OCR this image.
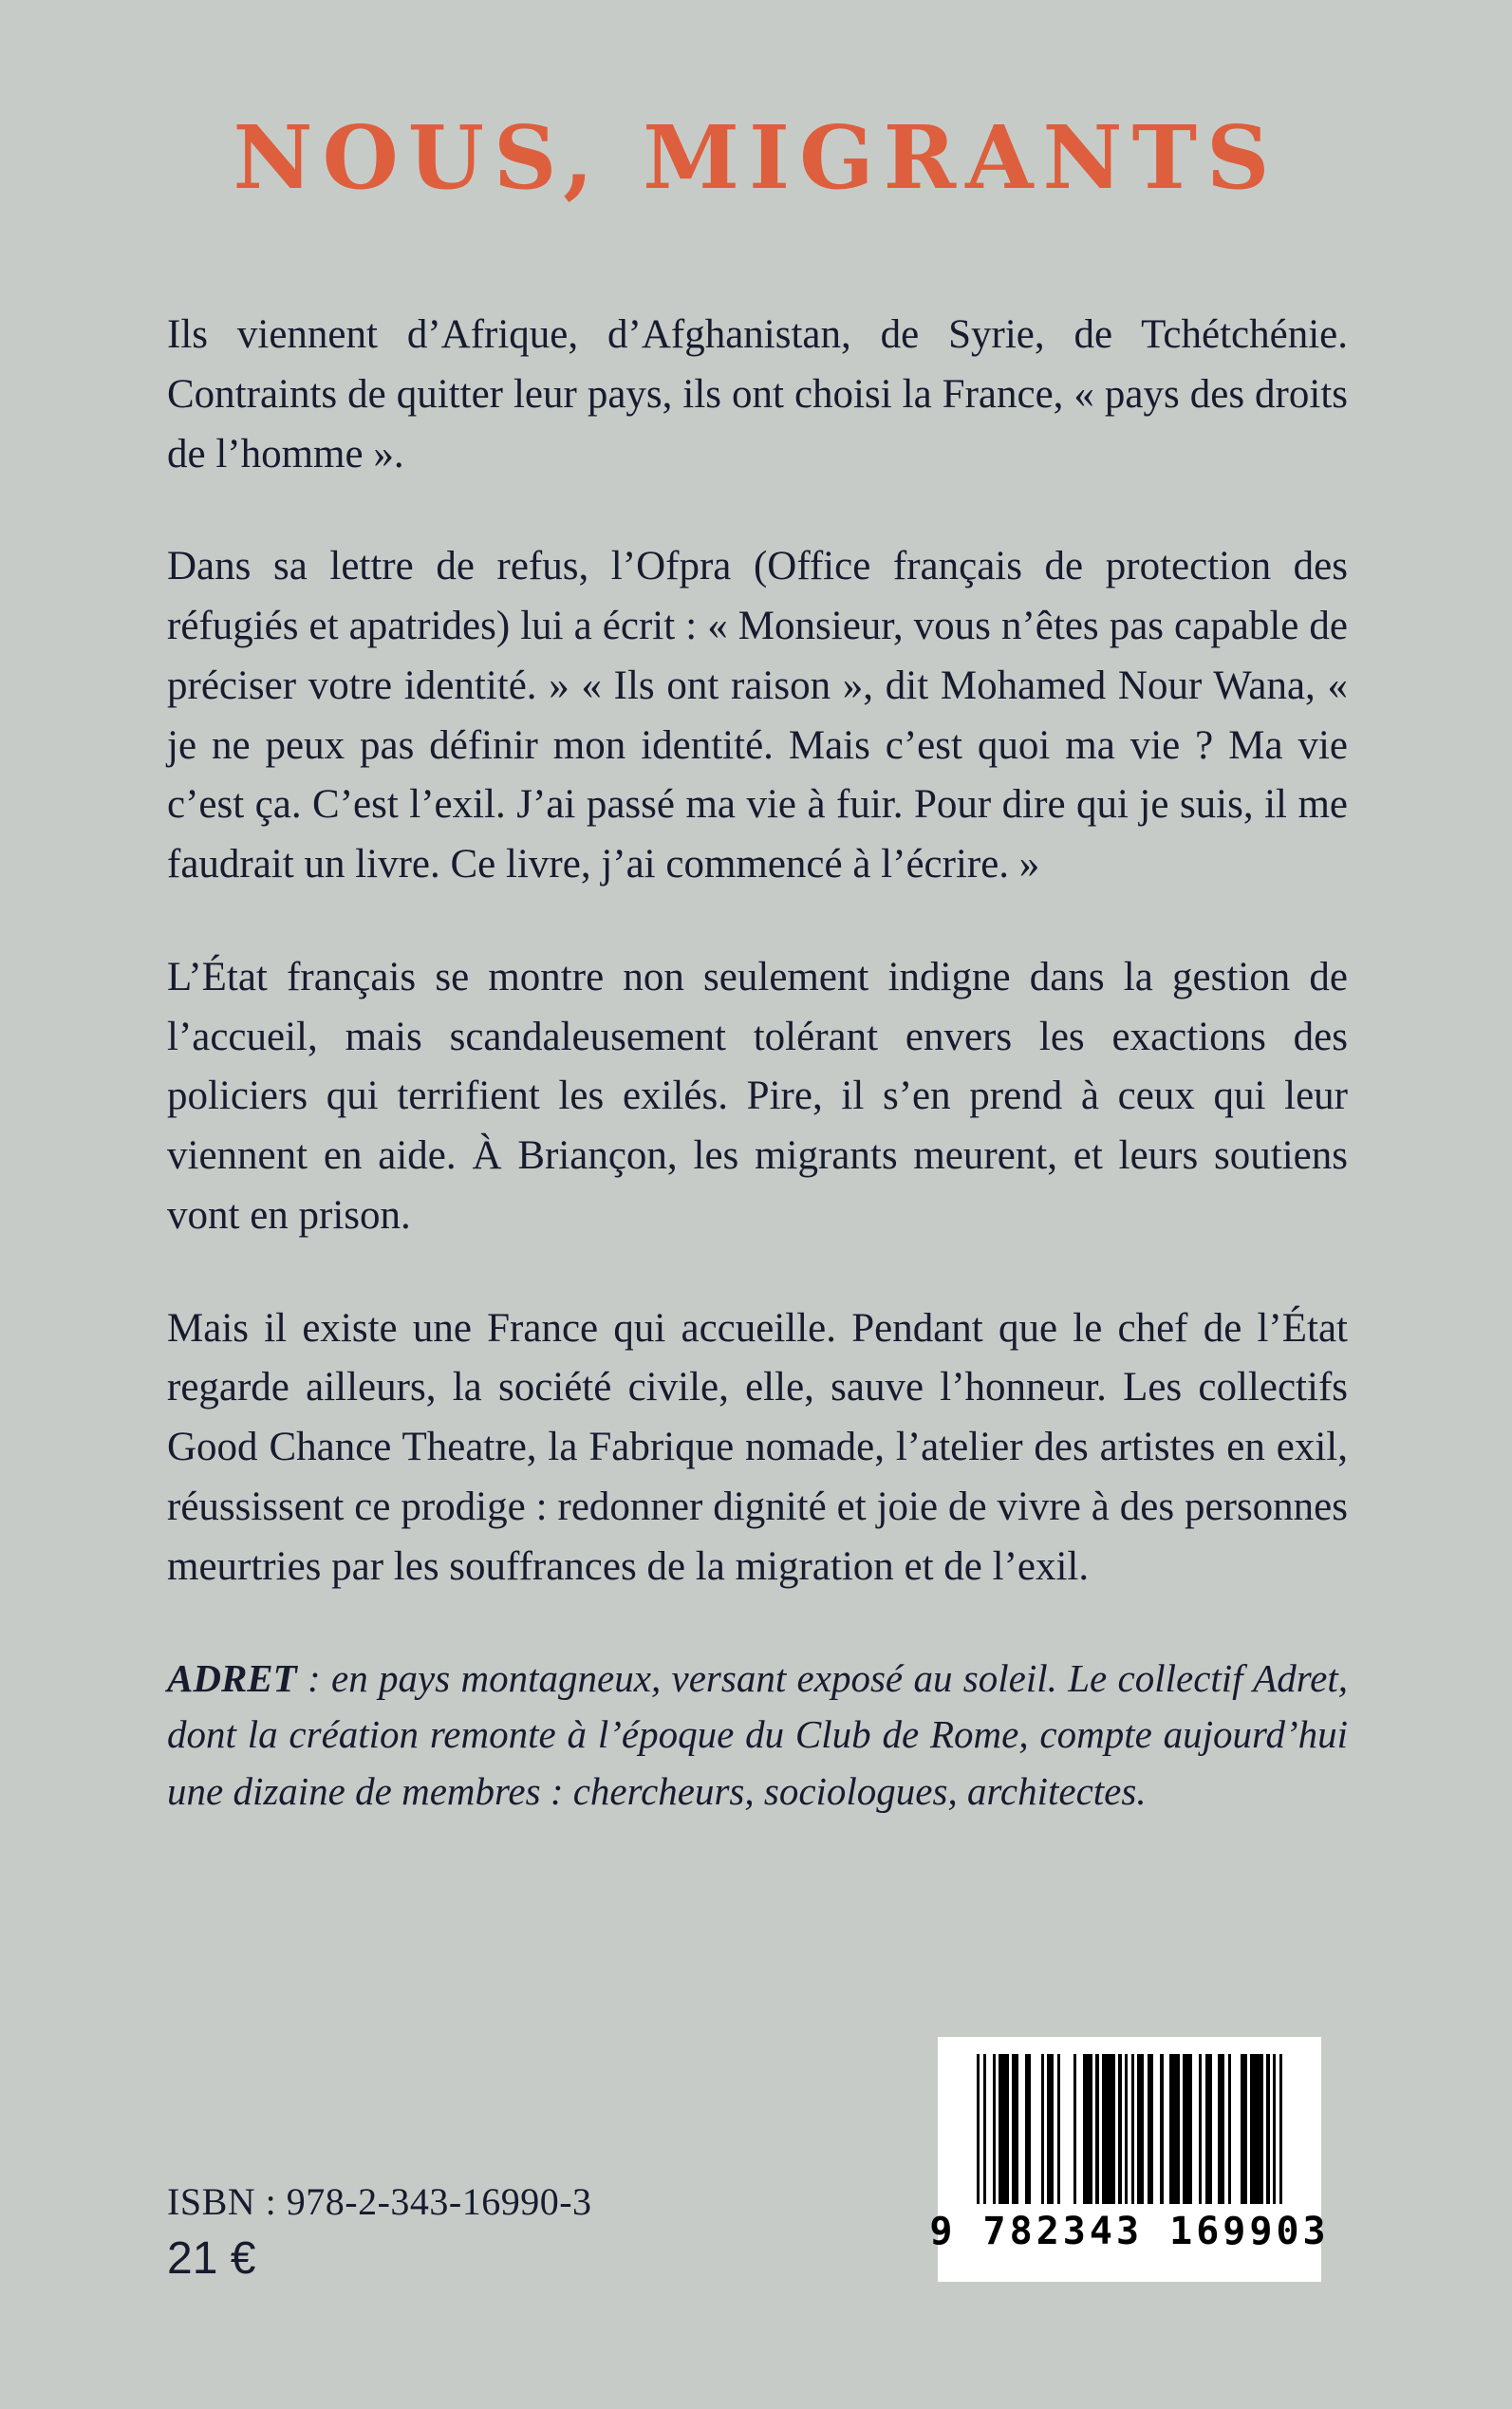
NOUS, MIGRANTS

Ils viennent d’Afrique, d’Afghanistan, de Syrie, de Tchétchénie. Contraints de quitter leur pays, ils ont choisi la France, « pays des droits de l’homme ».

Dans sa lettre de refus, l’Ofpra (Office français de protection des réfugiés et apatrides) lui a écrit : « Monsieur, vous n’êtes pas capable de préciser votre identité. » « Ils ont raison », dit Mohamed Nour Wana, « je ne peux pas définir mon identité. Mais c’est quoi ma vie ? Ma vie c’est ça. C’est l’exil. J’ai passé ma vie à fuir. Pour dire qui je suis, il me faudrait un livre. Ce livre, j’ai commencé à l’écrire. »

L’État français se montre non seulement indigne dans la gestion de l’accueil, mais scandaleusement tolérant envers les exactions des policiers qui terrifient les exilés. Pire, il s’en prend à ceux qui leur viennent en aide. À Briançon, les migrants meurent, et leurs soutiens vont en prison.

Mais il existe une France qui accueille. Pendant que le chef de l’État regarde ailleurs, la société civile, elle, sauve l’honneur. Les collectifs Good Chance Theatre, la Fabrique nomade, l’atelier des artistes en exil, réussissent ce prodige : redonner dignité et joie de vivre à des personnes meurtries par les souffrances de la migration et de l’exil.

ADRET : en pays montagneux, versant exposé au soleil. Le collectif Adret, dont la création remonte à l’époque du Club de Rome, compte aujourd’hui une dizaine de membres : chercheurs, sociologues, architectes.

ISBN : 978-2-343-16990-3
21 €
9 782343 169903
